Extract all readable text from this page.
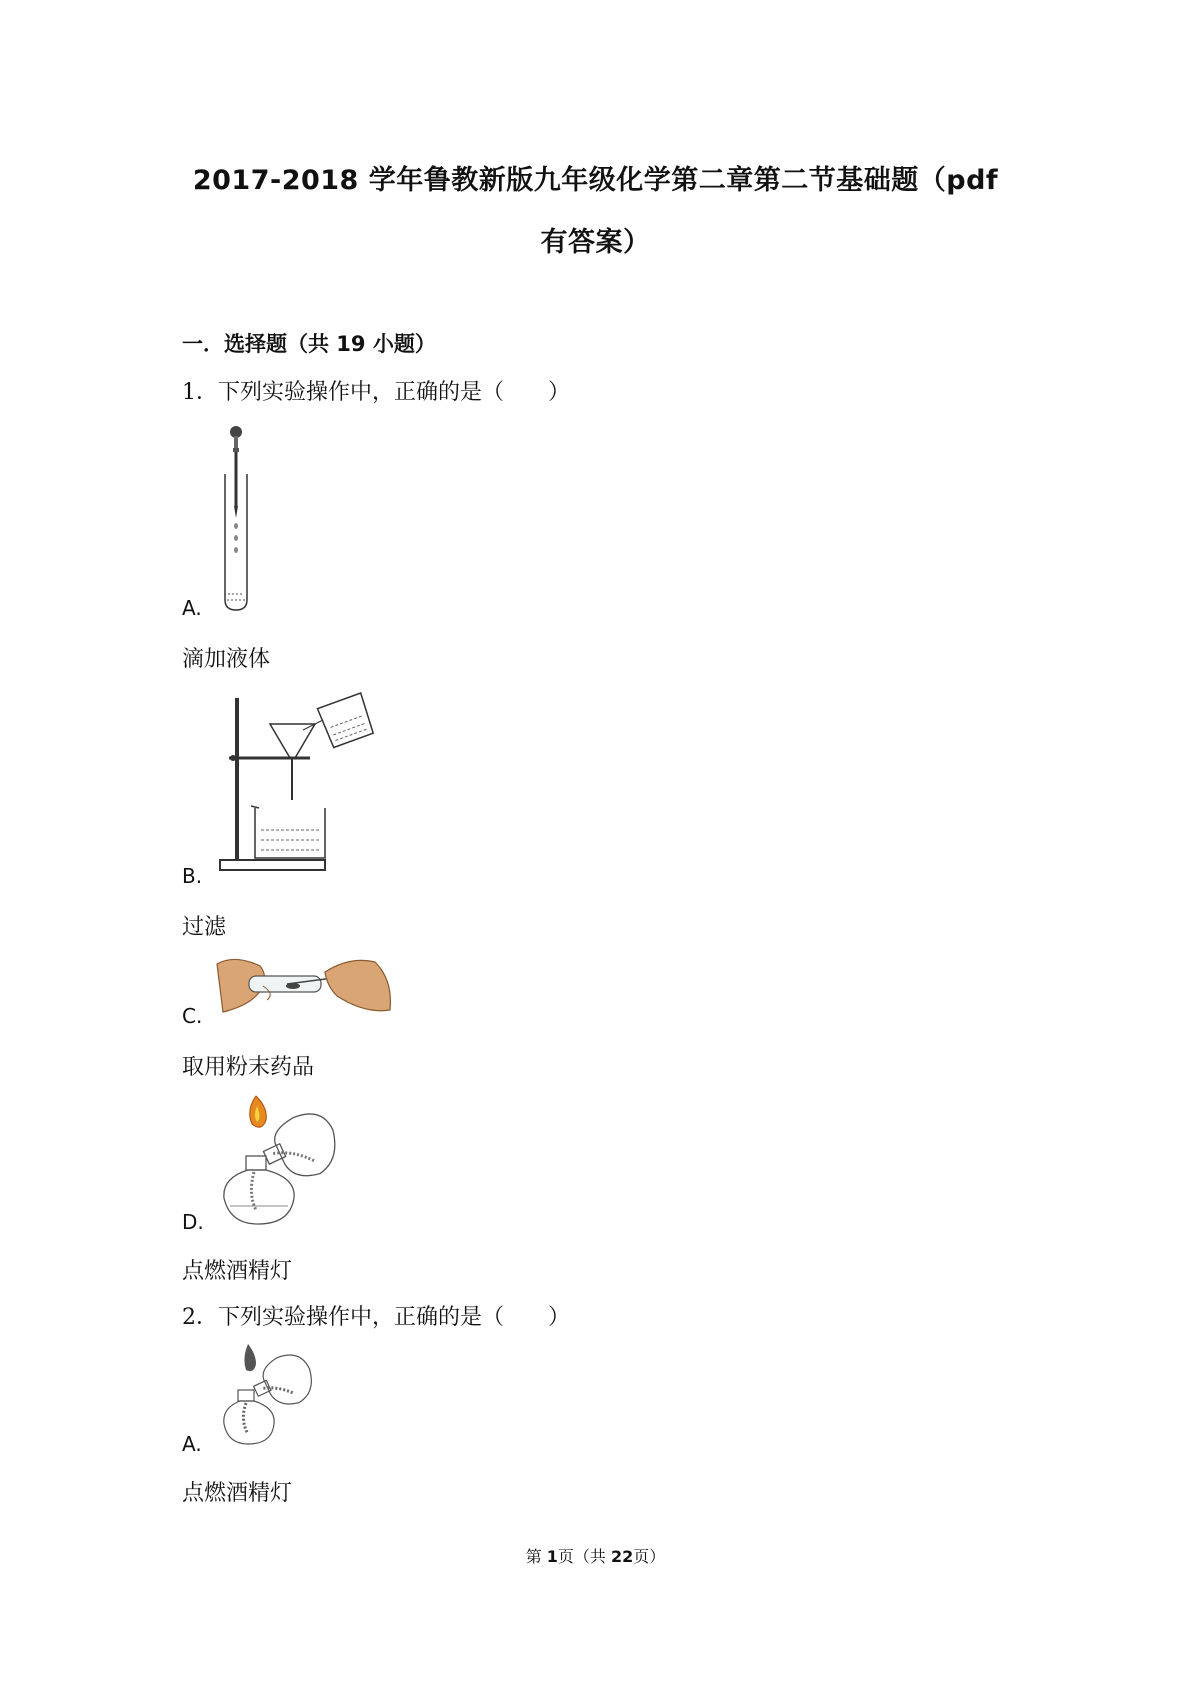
2017-2018 学年鲁教新版九年级化学第二章第二节基础题（pdf
有答案）
一．选择题（共 19 小题）
1．下列实验操作中，正确的是（　　）
A.
滴加液体
B.
过滤
C.
取用粉末药品
D.
点燃酒精灯
2．下列实验操作中，正确的是（　　）
A.
点燃酒精灯
第 1页（共 22页）
